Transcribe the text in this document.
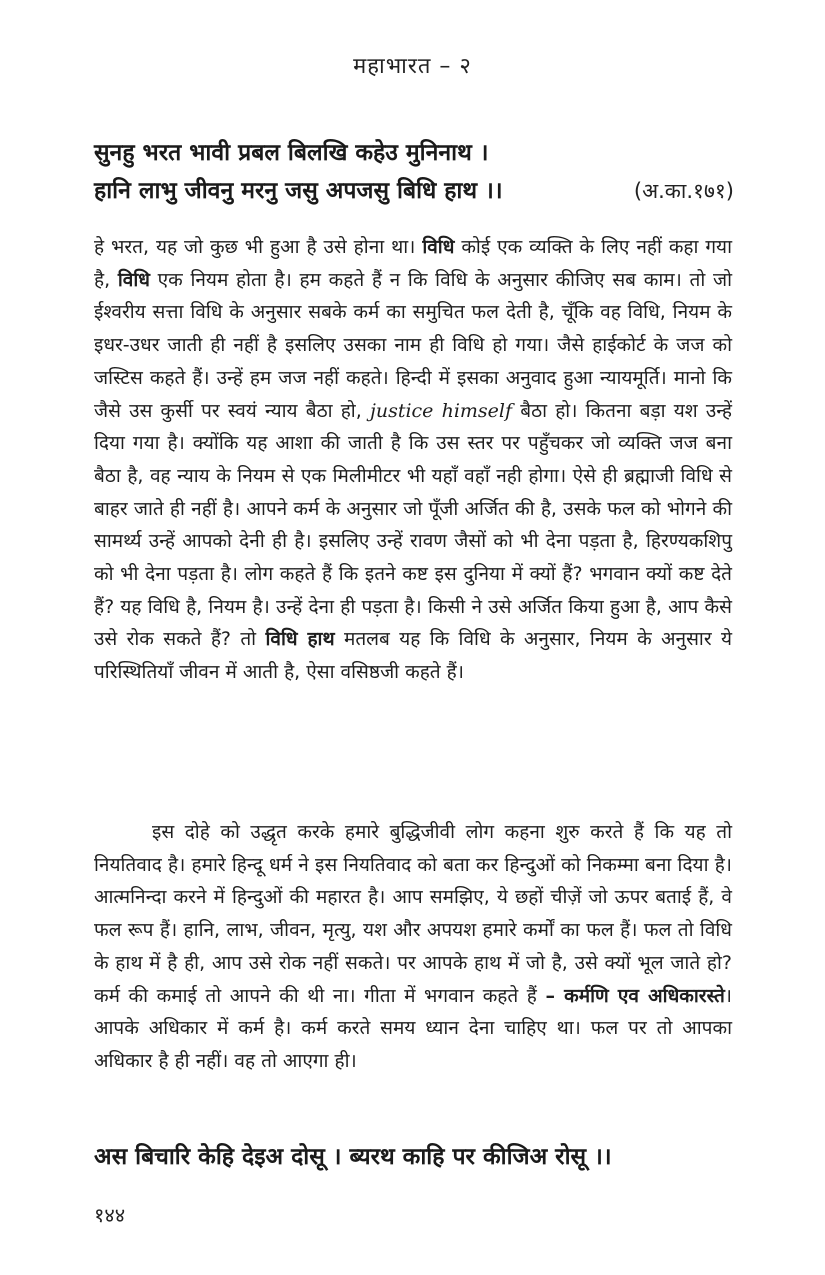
महाभारत – २
सुनहु भरत भावी प्रबल बिलखि कहेउ मुनिनाथ ।
हानि लाभु जीवनु मरनु जसु अपजसु बिधि हाथ ।।	(अ.का.१७१)
हे भरत, यह जो कुछ भी हुआ है उसे होना था। विधि कोई एक व्यक्ति के लिए नहीं कहा गया है, विधि एक नियम होता है। हम कहते हैं न कि विधि के अनुसार कीजिए सब काम। तो जो ईश्वरीय सत्ता विधि के अनुसार सबके कर्म का समुचित फल देती है, चूँकि वह विधि, नियम के इधर-उधर जाती ही नहीं है इसलिए उसका नाम ही विधि हो गया। जैसे हाईकोर्ट के जज को जस्टिस कहते हैं। उन्हें हम जज नहीं कहते। हिन्दी में इसका अनुवाद हुआ न्यायमूर्ति। मानो कि जैसे उस कुर्सी पर स्वयं न्याय बैठा हो, justice himself बैठा हो। कितना बड़ा यश उन्हें दिया गया है। क्योंकि यह आशा की जाती है कि उस स्तर पर पहुँचकर जो व्यक्ति जज बना बैठा है, वह न्याय के नियम से एक मिलीमीटर भी यहाँ वहाँ नही होगा। ऐसे ही ब्रह्माजी विधि से बाहर जाते ही नहीं है। आपने कर्म के अनुसार जो पूँजी अर्जित की है, उसके फल को भोगने की सामर्थ्य उन्हें आपको देनी ही है। इसलिए उन्हें रावण जैसों को भी देना पड़ता है, हिरण्यकशिपु को भी देना पड़ता है। लोग कहते हैं कि इतने कष्ट इस दुनिया में क्यों हैं? भगवान क्यों कष्ट देते हैं? यह विधि है, नियम है। उन्हें देना ही पड़ता है। किसी ने उसे अर्जित किया हुआ है, आप कैसे उसे रोक सकते हैं? तो विधि हाथ मतलब यह कि विधि के अनुसार, नियम के अनुसार ये परिस्थितियाँ जीवन में आती है, ऐसा वसिष्ठजी कहते हैं।
इस दोहे को उद्धृत करके हमारे बुद्धिजीवी लोग कहना शुरु करते हैं कि यह तो नियतिवाद है। हमारे हिन्दू धर्म ने इस नियतिवाद को बता कर हिन्दुओं को निकम्मा बना दिया है। आत्मनिन्दा करने में हिन्दुओं की महारत है। आप समझिए, ये छहों चीज़ें जो ऊपर बताई हैं, वे फल रूप हैं। हानि, लाभ, जीवन, मृत्यु, यश और अपयश हमारे कर्मों का फल हैं। फल तो विधि के हाथ में है ही, आप उसे रोक नहीं सकते। पर आपके हाथ में जो है, उसे क्यों भूल जाते हो? कर्म की कमाई तो आपने की थी ना। गीता में भगवान कहते हैं – कर्मणि एव अधिकारस्ते। आपके अधिकार में कर्म है। कर्म करते समय ध्यान देना चाहिए था। फल पर तो आपका अधिकार है ही नहीं। वह तो आएगा ही।
अस बिचारि केहि देइअ दोसू । ब्यरथ काहि पर कीजिअ रोसू ।।
१४४
